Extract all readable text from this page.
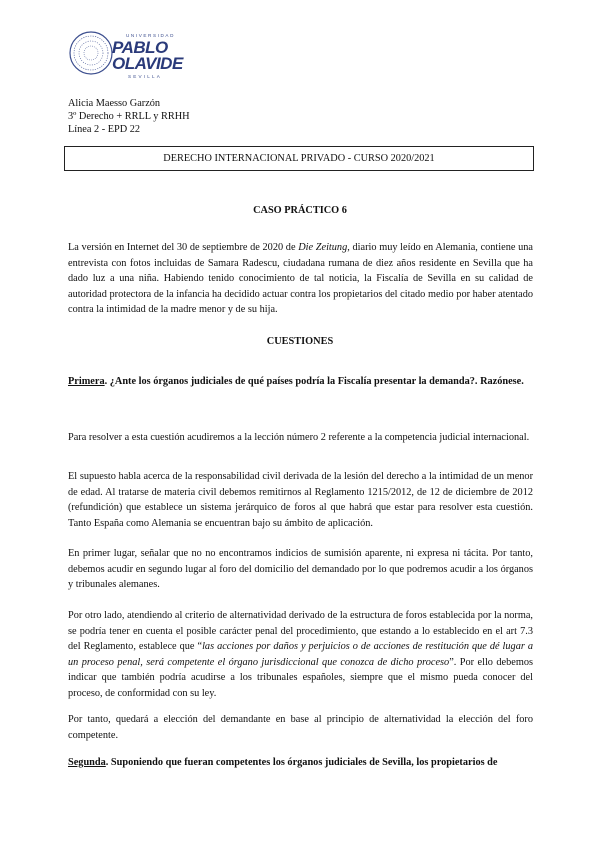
UNIVERSIDAD
PABLO
OLAVIDE
SEVILLA
Alicia Maesso Garzón
3º Derecho + RRLL y RRHH
Línea 2 - EPD 22
DERECHO INTERNACIONAL PRIVADO - CURSO 2020/2021
CASO PRÁCTICO 6
La versión en Internet del 30 de septiembre de 2020 de Die Zeitung, diario muy leído en Alemania, contiene una entrevista con fotos incluidas de Samara Radescu, ciudadana rumana de diez años residente en Sevilla que ha dado luz a una niña. Habiendo tenido conocimiento de tal noticia, la Fiscalía de Sevilla en su calidad de autoridad protectora de la infancia ha decidido actuar contra los propietarios del citado medio por haber atentado contra la intimidad de la madre menor y de su hija.
CUESTIONES
Primera. ¿Ante los órganos judiciales de qué países podría la Fiscalía presentar la demanda?. Razónese.
Para resolver a esta cuestión acudiremos a la lección número 2 referente a la competencia judicial internacional.
El supuesto habla acerca de la responsabilidad civil derivada de la lesión del derecho a la intimidad de un menor de edad. Al tratarse de materia civil debemos remitirnos al Reglamento 1215/2012, de 12 de diciembre de 2012 (refundición) que establece un sistema jerárquico de foros al que habrá que estar para resolver esta cuestión. Tanto España como Alemania se encuentran bajo su ámbito de aplicación.
En primer lugar, señalar que no no encontramos indicios de sumisión aparente, ni expresa ni tácita. Por tanto, debemos acudir en segundo lugar al foro del domicilio del demandado por lo que podremos acudir a los órganos y tribunales alemanes.
Por otro lado, atendiendo al criterio de alternatividad derivado de la estructura de foros establecida por la norma, se podría tener en cuenta el posible carácter penal del procedimiento, que estando a lo establecido en el art 7.3 del Reglamento, establece que “las acciones por daños y perjuicios o de acciones de restitución que dé lugar a un proceso penal, será competente el órgano jurisdiccional que conozca de dicho proceso”. Por ello debemos indicar que también podría acudirse a los tribunales españoles, siempre que el mismo pueda conocer del proceso, de conformidad con su ley.
Por tanto, quedará a elección del demandante en base al principio de alternatividad la elección del foro competente.
Segunda. Suponiendo que fueran competentes los órganos judiciales de Sevilla, los propietarios de
